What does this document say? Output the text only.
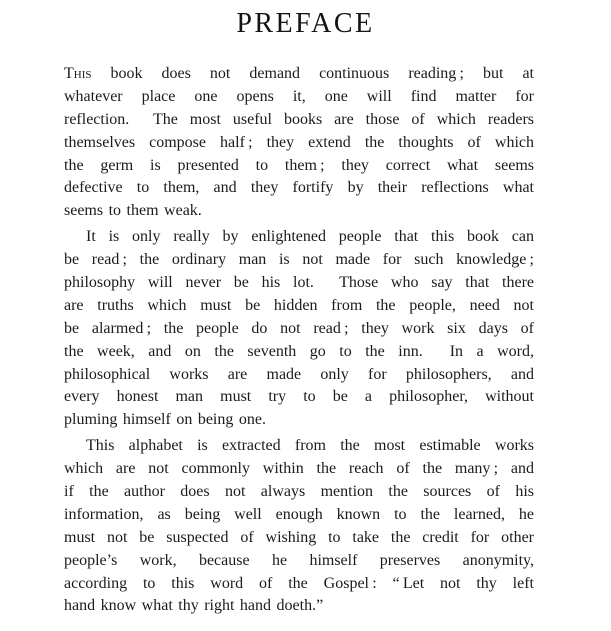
PREFACE
This book does not demand continuous reading ; but at
whatever place one opens it, one will find matter for
reflection.  The most useful books are those of which readers
themselves compose half ; they extend the thoughts of which
the germ is presented to them ; they correct what seems
defective to them, and they fortify by their reflections what
seems to them weak.
It is only really by enlightened people that this book can
be read ; the ordinary man is not made for such knowledge ;
philosophy will never be his lot.  Those who say that there
are truths which must be hidden from the people, need not
be alarmed ; the people do not read ; they work six days of
the week, and on the seventh go to the inn.  In a word,
philosophical works are made only for philosophers, and
every honest man must try to be a philosopher, without
pluming himself on being one.
This alphabet is extracted from the most estimable works
which are not commonly within the reach of the many ; and
if the author does not always mention the sources of his
information, as being well enough known to the learned, he
must not be suspected of wishing to take the credit for other
people’s work, because he himself preserves anonymity,
according to this word of the Gospel : “ Let not thy left
hand know what thy right hand doeth.”
